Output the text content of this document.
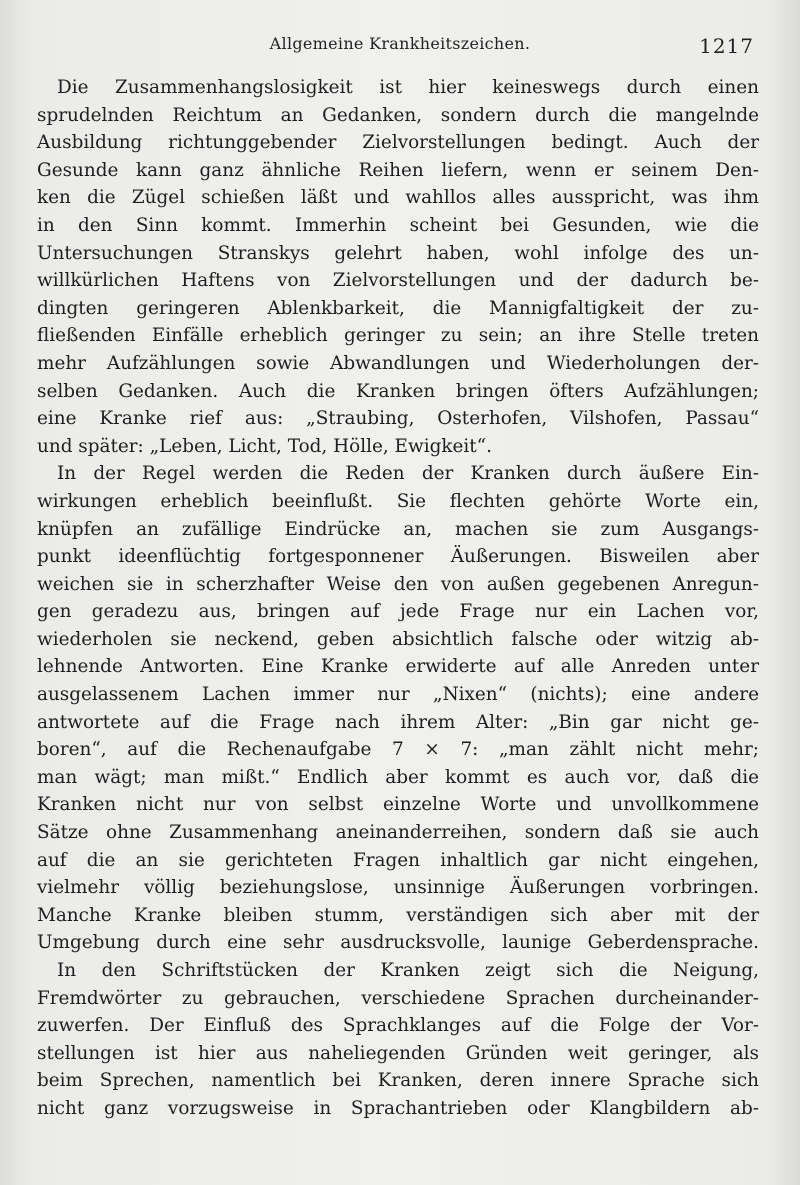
Allgemeine Krankheitszeichen.	1217
Die Zusammenhangslosigkeit ist hier keineswegs durch einen
sprudelnden Reichtum an Gedanken, sondern durch die mangelnde
Ausbildung richtunggebender Zielvorstellungen bedingt. Auch der
Gesunde kann ganz ähnliche Reihen liefern, wenn er seinem Den-
ken die Zügel schießen läßt und wahllos alles ausspricht, was ihm
in den Sinn kommt. Immerhin scheint bei Gesunden, wie die
Untersuchungen Stranskys gelehrt haben, wohl infolge des un-
willkürlichen Haftens von Zielvorstellungen und der dadurch be-
dingten geringeren Ablenkbarkeit, die Mannigfaltigkeit der zu-
fließenden Einfälle erheblich geringer zu sein; an ihre Stelle treten
mehr Aufzählungen sowie Abwandlungen und Wiederholungen der-
selben Gedanken. Auch die Kranken bringen öfters Aufzählungen;
eine Kranke rief aus: „Straubing, Osterhofen, Vilshofen, Passau“
und später: „Leben, Licht, Tod, Hölle, Ewigkeit“.
In der Regel werden die Reden der Kranken durch äußere Ein-
wirkungen erheblich beeinflußt. Sie flechten gehörte Worte ein,
knüpfen an zufällige Eindrücke an, machen sie zum Ausgangs-
punkt ideenflüchtig fortgesponnener Äußerungen. Bisweilen aber
weichen sie in scherzhafter Weise den von außen gegebenen Anregun-
gen geradezu aus, bringen auf jede Frage nur ein Lachen vor,
wiederholen sie neckend, geben absichtlich falsche oder witzig ab-
lehnende Antworten. Eine Kranke erwiderte auf alle Anreden unter
ausgelassenem Lachen immer nur „Nixen“ (nichts); eine andere
antwortete auf die Frage nach ihrem Alter: „Bin gar nicht ge-
boren“, auf die Rechenaufgabe 7 × 7: „man zählt nicht mehr;
man wägt; man mißt.“ Endlich aber kommt es auch vor, daß die
Kranken nicht nur von selbst einzelne Worte und unvollkommene
Sätze ohne Zusammenhang aneinanderreihen, sondern daß sie auch
auf die an sie gerichteten Fragen inhaltlich gar nicht eingehen,
vielmehr völlig beziehungslose, unsinnige Äußerungen vorbringen.
Manche Kranke bleiben stumm, verständigen sich aber mit der
Umgebung durch eine sehr ausdrucksvolle, launige Geberdensprache.
In den Schriftstücken der Kranken zeigt sich die Neigung,
Fremdwörter zu gebrauchen, verschiedene Sprachen durcheinander-
zuwerfen. Der Einfluß des Sprachklanges auf die Folge der Vor-
stellungen ist hier aus naheliegenden Gründen weit geringer, als
beim Sprechen, namentlich bei Kranken, deren innere Sprache sich
nicht ganz vorzugsweise in Sprachantrieben oder Klangbildern ab-
